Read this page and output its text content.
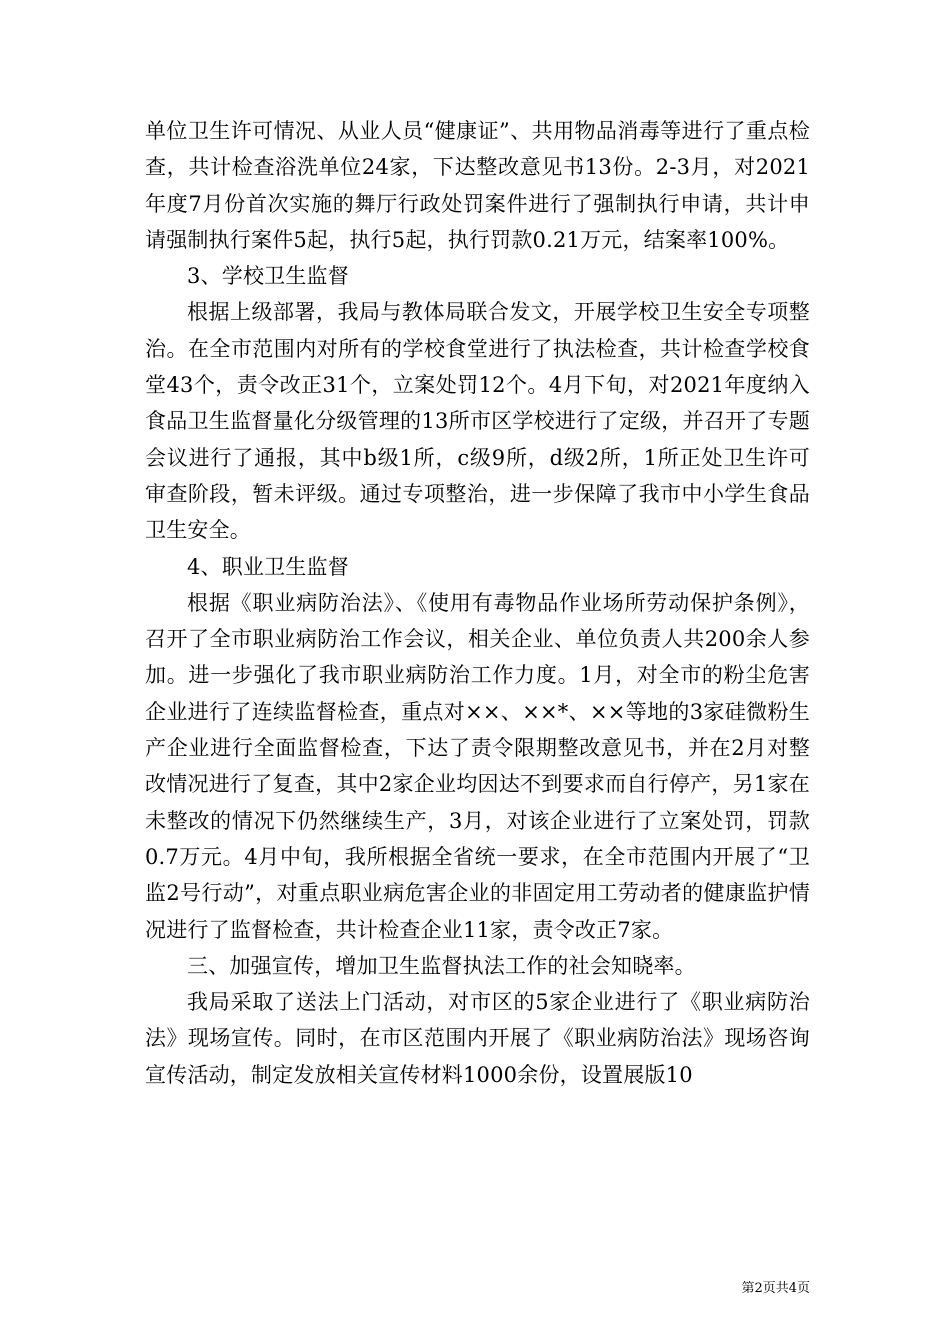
单位卫生许可情况、从业人员“健康证”、共用物品消毒等进行了重点检查，共计检查浴洗单位24家，下达整改意见书13份。2-3月，对2021年度7月份首次实施的舞厅行政处罚案件进行了强制执行申请，共计申请强制执行案件5起，执行5起，执行罚款0.21万元，结案率100%。

3、学校卫生监督

根据上级部署，我局与教体局联合发文，开展学校卫生安全专项整治。在全市范围内对所有的学校食堂进行了执法检查，共计检查学校食堂43个，责令改正31个，立案处罚12个。4月下旬，对2021年度纳入食品卫生监督量化分级管理的13所市区学校进行了定级，并召开了专题会议进行了通报，其中b级1所，c级9所，d级2所，1所正处卫生许可审查阶段，暂未评级。通过专项整治，进一步保障了我市中小学生食品卫生安全。

4、职业卫生监督

根据《职业病防治法》、《使用有毒物品作业场所劳动保护条例》，召开了全市职业病防治工作会议，相关企业、单位负责人共200余人参加。进一步强化了我市职业病防治工作力度。1月，对全市的粉尘危害企业进行了连续监督检查，重点对××、××*、××等地的3家硅微粉生产企业进行全面监督检查，下达了责令限期整改意见书，并在2月对整改情况进行了复查，其中2家企业均因达不到要求而自行停产，另1家在未整改的情况下仍然继续生产，3月，对该企业进行了立案处罚，罚款0.7万元。4月中旬，我所根据全省统一要求，在全市范围内开展了“卫监2号行动”，对重点职业病危害企业的非固定用工劳动者的健康监护情况进行了监督检查，共计检查企业11家，责令改正7家。

三、加强宣传，增加卫生监督执法工作的社会知晓率。

我局采取了送法上门活动，对市区的5家企业进行了《职业病防治法》现场宣传。同时，在市区范围内开展了《职业病防治法》现场咨询宣传活动，制定发放相关宣传材料1000余份，设置展版10

第2页共4页
